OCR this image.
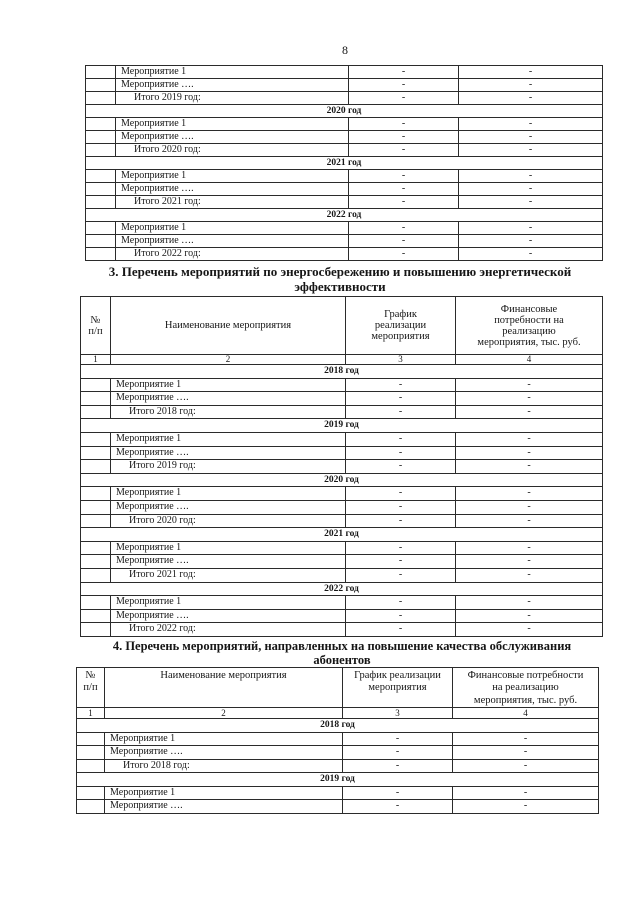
8
	Мероприятие 1	-	-
	Мероприятие ….	-	-
	Итого 2019 год:	-	-
2020 год			
	Мероприятие 1	-	-
	Мероприятие ….	-	-
	Итого 2020 год:	-	-
2021 год			
	Мероприятие 1	-	-
	Мероприятие ….	-	-
	Итого 2021 год:	-	-
2022 год			
	Мероприятие 1	-	-
	Мероприятие ….	-	-
	Итого 2022 год:	-	-
3. Перечень мероприятий по энергосбережению и повышению энергетической
эффективности
№
п/п	Наименование мероприятия	График
реализации
мероприятия	Финансовые
потребности на
реализацию
мероприятия, тыс. руб.
1	2	3	4
2018 год			
	Мероприятие 1	-	-
	Мероприятие ….	-	-
	Итого 2018 год:	-	-
2019 год			
	Мероприятие 1	-	-
	Мероприятие ….	-	-
	Итого 2019 год:	-	-
2020 год			
	Мероприятие 1	-	-
	Мероприятие ….	-	-
	Итого 2020 год:	-	-
2021 год			
	Мероприятие 1	-	-
	Мероприятие ….	-	-
	Итого 2021 год:	-	-
2022 год			
	Мероприятие 1	-	-
	Мероприятие ….	-	-
	Итого 2022 год:	-	-
4. Перечень мероприятий, направленных на повышение качества обслуживания
абонентов
№
п/п	Наименование мероприятия	График реализации
мероприятия	Финансовые потребности
на реализацию
мероприятия, тыс. руб.
1	2	3	4
2018 год			
	Мероприятие 1	-	-
	Мероприятие ….	-	-
	Итого 2018 год:	-	-
2019 год			
	Мероприятие 1	-	-
	Мероприятие ….	-	-
